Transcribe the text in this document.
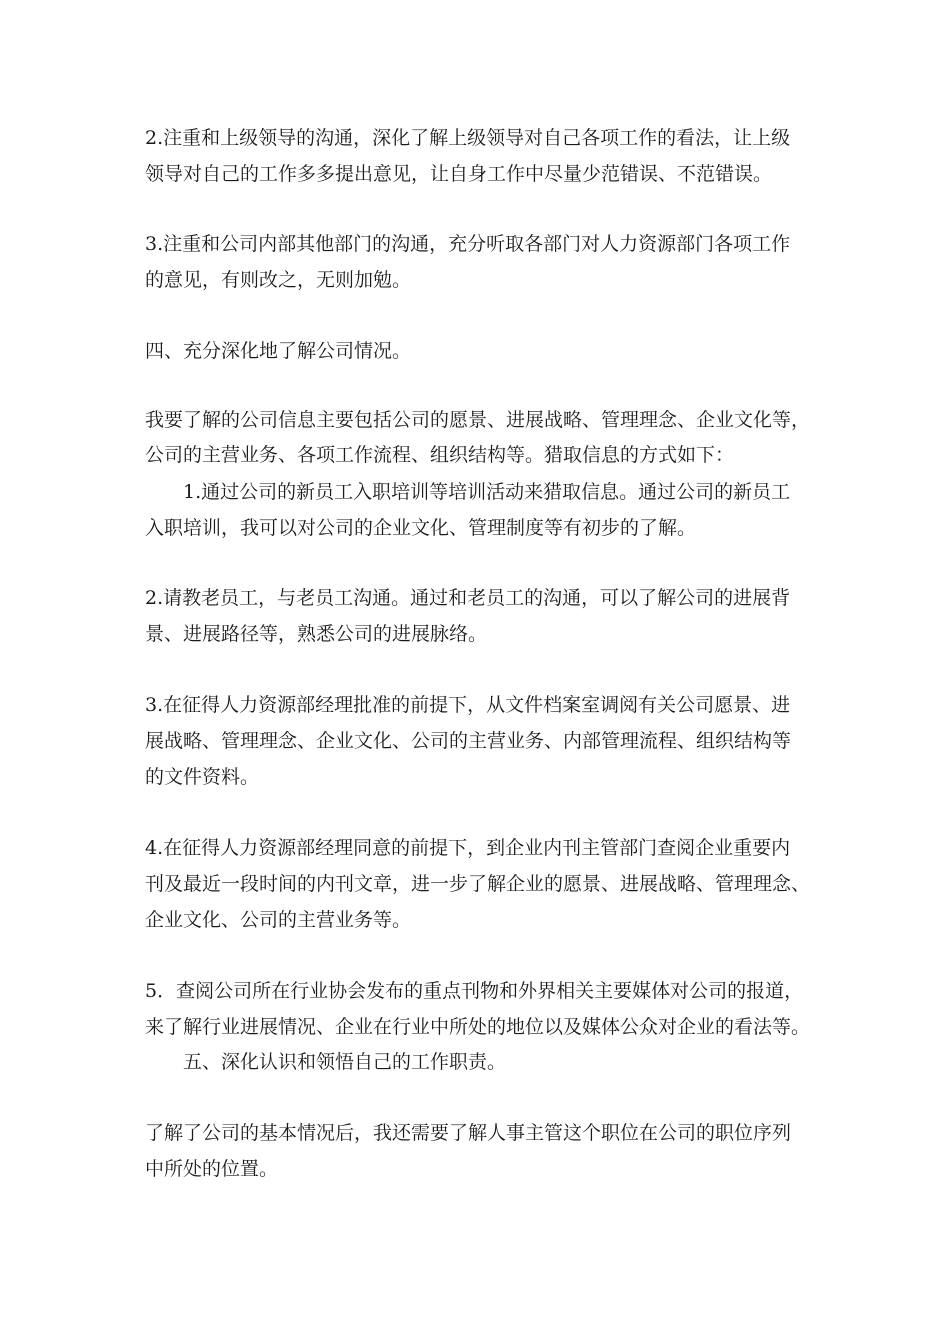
2.注重和上级领导的沟通，深化了解上级领导对自己各项工作的看法，让上级

领导对自己的工作多多提出意见，让自身工作中尽量少范错误、不范错误。

3.注重和公司内部其他部门的沟通，充分听取各部门对人力资源部门各项工作

的意见，有则改之，无则加勉。

四、充分深化地了解公司情况。

我要了解的公司信息主要包括公司的愿景、进展战略、管理理念、企业文化等，

公司的主营业务、各项工作流程、组织结构等。猎取信息的方式如下：

1.通过公司的新员工入职培训等培训活动来猎取信息。通过公司的新员工

入职培训，我可以对公司的企业文化、管理制度等有初步的了解。

2.请教老员工，与老员工沟通。通过和老员工的沟通，可以了解公司的进展背

景、进展路径等，熟悉公司的进展脉络。

3.在征得人力资源部经理批准的前提下，从文件档案室调阅有关公司愿景、进

展战略、管理理念、企业文化、公司的主营业务、内部管理流程、组织结构等

的文件资料。

4.在征得人力资源部经理同意的前提下，到企业内刊主管部门查阅企业重要内

刊及最近一段时间的内刊文章，进一步了解企业的愿景、进展战略、管理理念、

企业文化、公司的主营业务等。

5．查阅公司所在行业协会发布的重点刊物和外界相关主要媒体对公司的报道，

来了解行业进展情况、企业在行业中所处的地位以及媒体公众对企业的看法等。

五、深化认识和领悟自己的工作职责。

了解了公司的基本情况后，我还需要了解人事主管这个职位在公司的职位序列

中所处的位置。
